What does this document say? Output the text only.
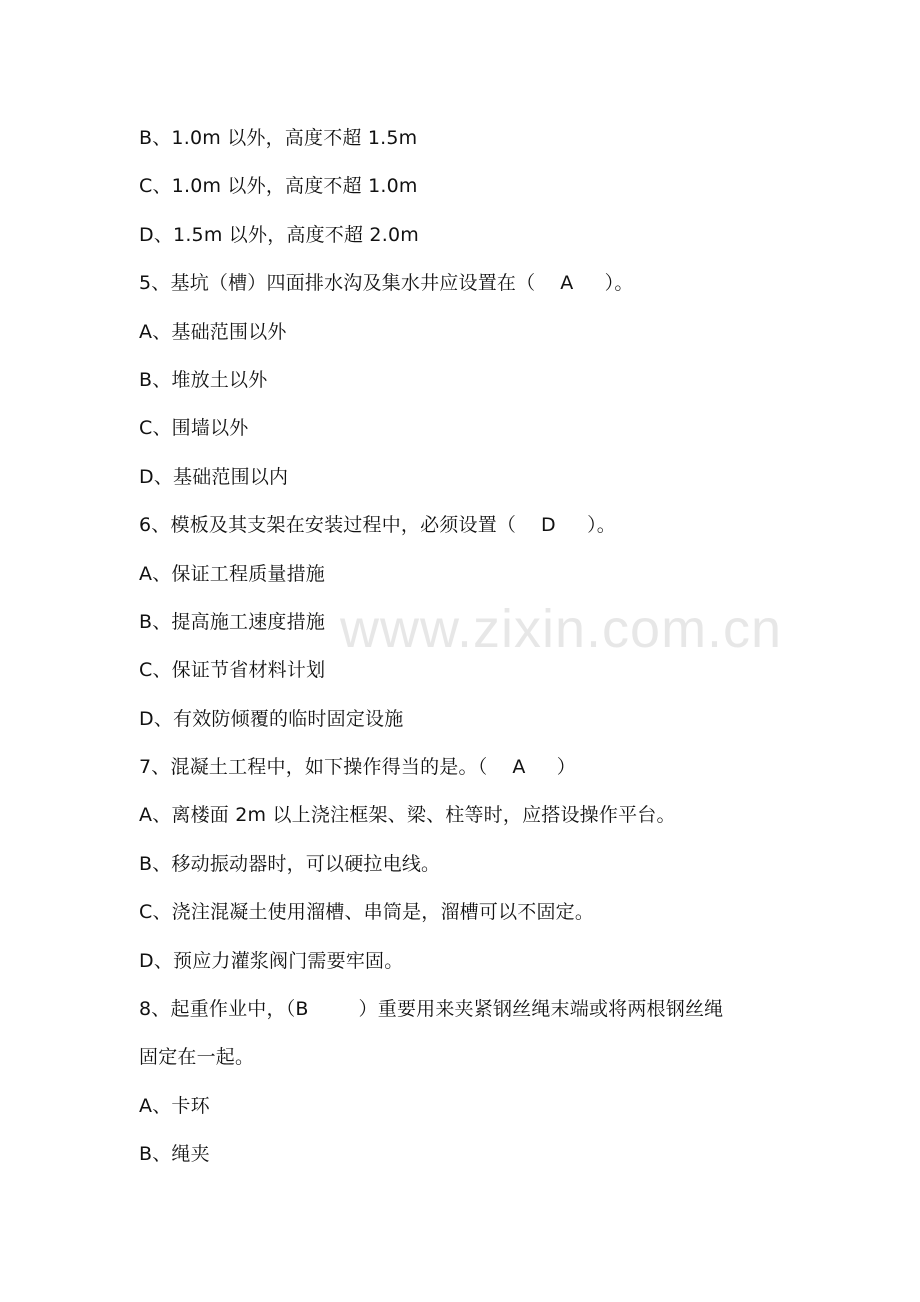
B、1.0m 以外，高度不超 1.5m
C、1.0m 以外，高度不超 1.0m
D、1.5m 以外，高度不超 2.0m
5、基坑（槽）四面排水沟及集水井应设置在（    A     ）。
A、基础范围以外
B、堆放土以外
C、围墙以外
D、基础范围以内
6、模板及其支架在安装过程中，必须设置（    D     ）。
A、保证工程质量措施
B、提高施工速度措施
C、保证节省材料计划
D、有效防倾覆的临时固定设施
7、混凝土工程中，如下操作得当的是。（    A     ）
A、离楼面 2m 以上浇注框架、梁、柱等时，应搭设操作平台。
B、移动振动器时，可以硬拉电线。
C、浇注混凝土使用溜槽、串筒是，溜槽可以不固定。
D、预应力灌浆阀门需要牢固。
8、起重作业中，（B        ）重要用来夹紧钢丝绳末端或将两根钢丝绳
固定在一起。
A、卡环
B、绳夹
www.zixin.com.cn
